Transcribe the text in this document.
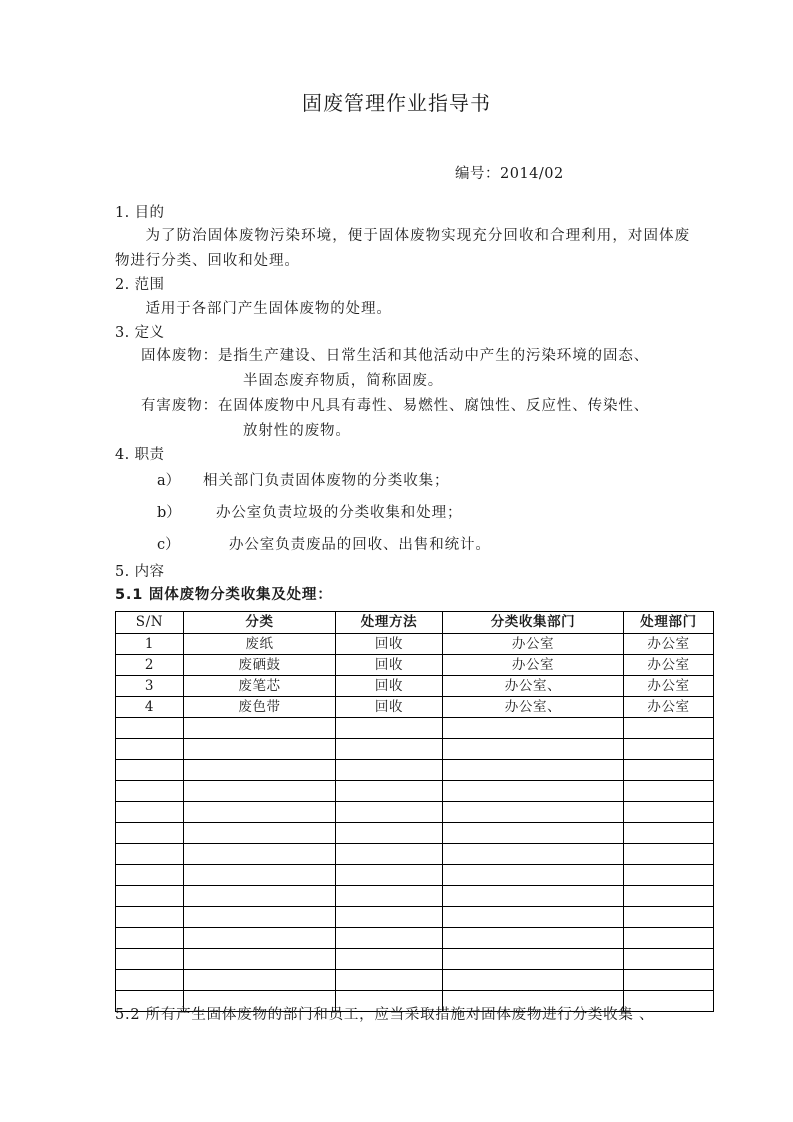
固废管理作业指导书
编号：2014/02
1. 目的
为了防治固体废物污染环境，便于固体废物实现充分回收和合理利用，对固体废物进行分类、回收和处理。
2. 范围
适用于各部门产生固体废物的处理。
3. 定义
固体废物：是指生产建设、日常生活和其他活动中产生的污染环境的固态、
半固态废弃物质，简称固废。
有害废物：在固体废物中凡具有毒性、易燃性、腐蚀性、反应性、传染性、
放射性的废物。
4. 职责
a） 相关部门负责固体废物的分类收集；
b） 办公室负责垃圾的分类收集和处理；
c）	办公室负责废品的回收、出售和统计。
5. 内容
5.1 固体废物分类收集及处理：
S/N	分类	处理方法	分类收集部门	处理部门
1	废纸	回收	办公室	办公室
2	废硒鼓	回收	办公室	办公室
3	废笔芯	回收	办公室、	办公室
4	废色带	回收	办公室、	办公室

5.2 所有产生固体废物的部门和员工，应当采取措施对固体废物进行分类收集 、
